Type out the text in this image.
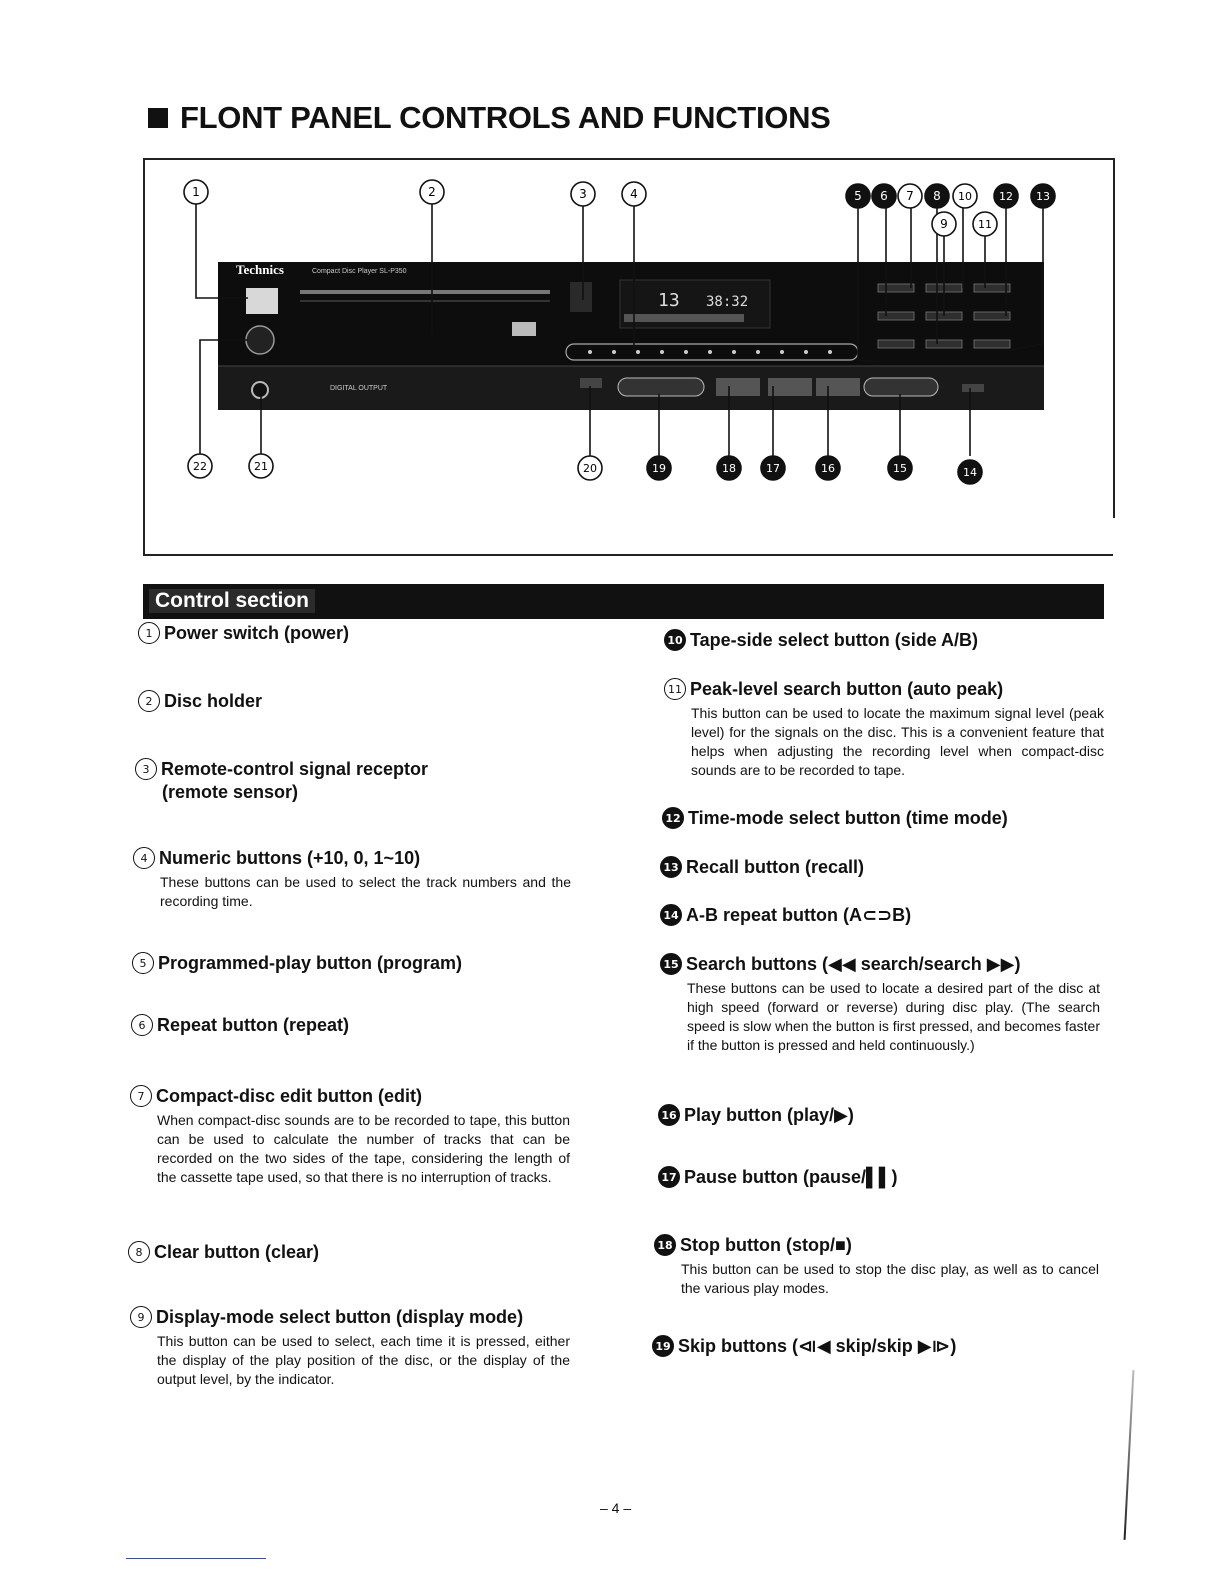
FLONT PANEL CONTROLS AND FUNCTIONS
13 38:32
Technics	Compact Disc Player SL-P350
DIGITAL OUTPUT
1	2	3	4	5 6 7 8 10 12 13
9	11
22	21	20	19	18	17	16	15	14
Control section
1 Power switch (power)
2 Disc holder
3 Remote-control signal receptor
(remote sensor)
4 Numeric buttons (+10, 0, 1~10)
These buttons can be used to select the track numbers and the recording time.
5 Programmed-play button (program)
6 Repeat button (repeat)
7 Compact-disc edit button (edit)
When compact-disc sounds are to be recorded to tape, this button can be used to calculate the number of tracks that can be recorded on the two sides of the tape, considering the length of the cassette tape used, so that there is no interruption of tracks.
8 Clear button (clear)
9 Display-mode select button (display mode)
This button can be used to select, each time it is pressed, either the display of the play position of the disc, or the display of the output level, by the indicator.
10 Tape-side select button (side A/B)
11 Peak-level search button (auto peak)
This button can be used to locate the maximum signal level (peak level) for the signals on the disc. This is a convenient feature that helps when adjusting the recording level when compact-disc sounds are to be recorded to tape.
12 Time-mode select button (time mode)
13 Recall button (recall)
14 A-B repeat button (A⊂⊃B)
15 Search buttons (◀◀ search/search ▶▶)
These buttons can be used to locate a desired part of the disc at high speed (forward or reverse) during disc play. (The search speed is slow when the button is first pressed, and becomes faster if the button is pressed and held continuously.)
16 Play button (play/▶)
17 Pause button (pause/▌▌)
18 Stop button (stop/■)
This button can be used to stop the disc play, as well as to cancel the various play modes.
19 Skip buttons (⧏◀ skip/skip ▶⧐)
– 4 –
